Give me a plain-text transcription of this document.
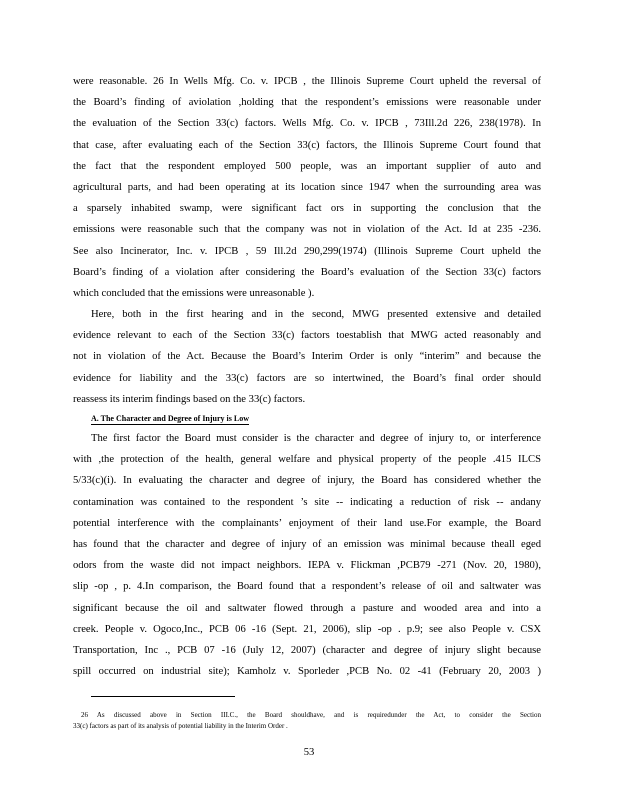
were reasonable. 26 In Wells Mfg. Co. v. IPCB , the Illinois Supreme Court upheld the reversal of
the Board’s finding of aviolation ,holding that the respondent’s emissions were reasonable under
the evaluation of the Section 33(c) factors. Wells Mfg. Co. v. IPCB , 73Ill.2d 226, 238(1978). In
that case, after evaluating each of the Section 33(c) factors, the Illinois Supreme Court found that
the fact that the respondent employed 500 people, was an important supplier of auto and
agricultural parts, and had been operating at its location since 1947 when the surrounding area was
a sparsely inhabited swamp, were significant fact ors in supporting the conclusion that the
emissions were reasonable such that the company was not in violation of the Act. Id at 235 -236.
See also Incinerator, Inc. v. IPCB , 59 Ill.2d 290,299(1974) (Illinois Supreme Court upheld the
Board’s finding of a violation after considering the Board’s evaluation of the Section 33(c) factors
which concluded that the emissions were unreasonable ).
Here, both in the first hearing and in the second, MWG presented extensive and detailed
evidence relevant to each of the Section 33(c) factors toestablish that MWG acted reasonably and
not in violation of the Act. Because the Board’s Interim Order is only “interim” and because the
evidence for liability and the 33(c) factors are so intertwined, the Board’s final order should
reassess its interim findings based on the 33(c) factors.
A. The Character and Degree of Injury is Low
The first factor the Board must consider is the character and degree of injury to, or interference
with ,the protection of the health, general welfare and physical property of the people .415 ILCS
5/33(c)(i). In evaluating the character and degree of injury, the Board has considered whether the
contamination was contained to the respondent ’s site -- indicating a reduction of risk -- andany
potential interference with the complainants’ enjoyment of their land use.For example, the Board
has found that the character and degree of injury of an emission was minimal because theall eged
odors from the waste did not impact neighbors. IEPA v. Flickman ,PCB79 -271 (Nov. 20, 1980),
slip -op , p. 4.In comparison, the Board found that a respondent’s release of oil and saltwater was
significant because the oil and saltwater flowed through a pasture and wooded area and into a
creek. People v. Ogoco,Inc., PCB 06 -16 (Sept. 21, 2006), slip -op . p.9; see also People v. CSX
Transportation, Inc ., PCB 07 -16 (July 12, 2007) (character and degree of injury slight because
spill occurred on industrial site); Kamholz v. Sporleder ,PCB No. 02 -41 (February 20, 2003 )
26 As discussed above in Section III.C., the Board shouldhave, and is requiredunder the Act, to consider the Section
33(c) factors as part of its analysis of potential liability in the Interim Order .
53
